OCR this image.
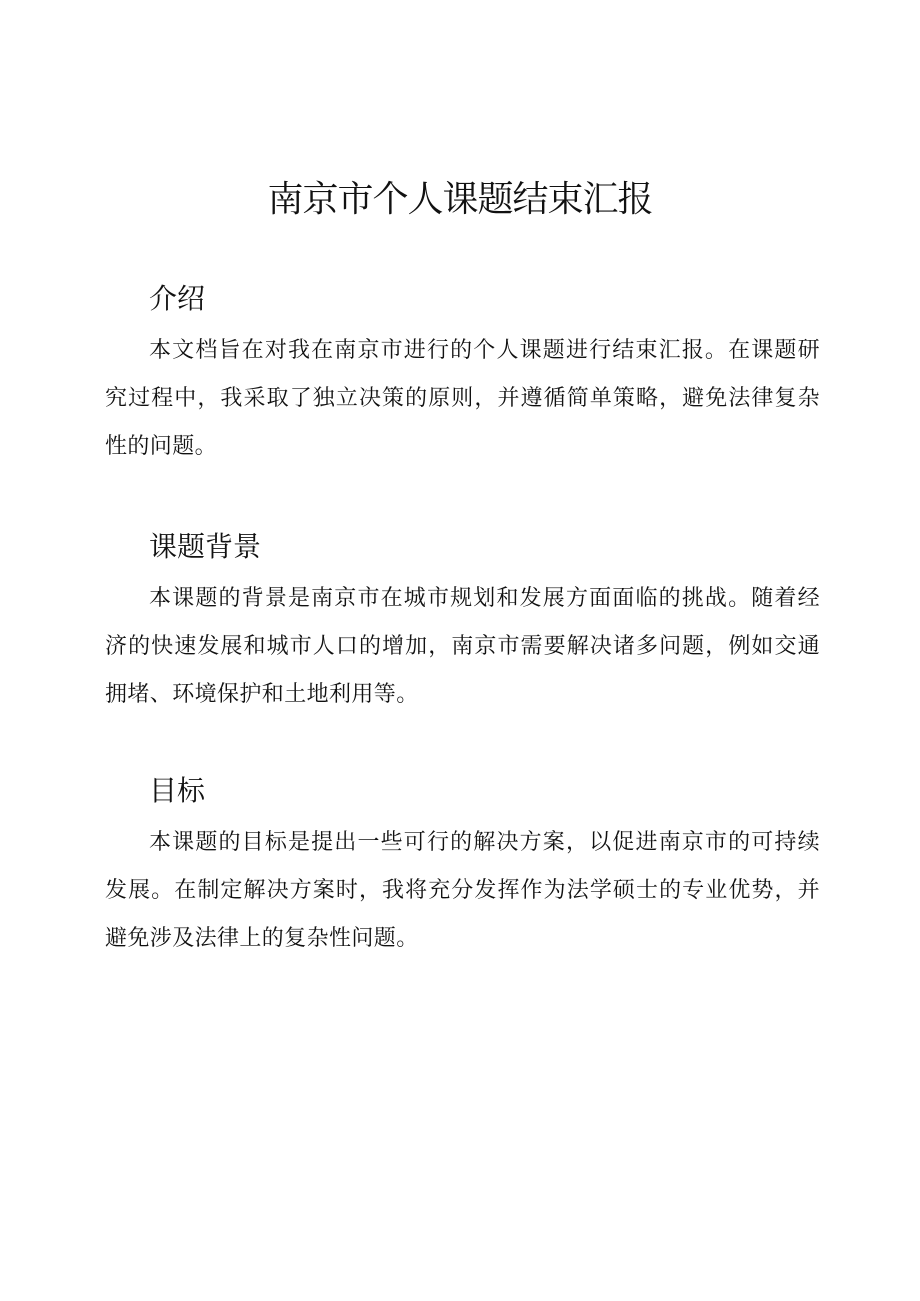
南京市个人课题结束汇报
介绍

本文档旨在对我在南京市进行的个人课题进行结束汇报。在课题研究过程中，我采取了独立决策的原则，并遵循简单策略，避免法律复杂性的问题。

课题背景

本课题的背景是南京市在城市规划和发展方面面临的挑战。随着经济的快速发展和城市人口的增加，南京市需要解决诸多问题，例如交通拥堵、环境保护和土地利用等。

目标

本课题的目标是提出一些可行的解决方案，以促进南京市的可持续发展。在制定解决方案时，我将充分发挥作为法学硕士的专业优势，并避免涉及法律上的复杂性问题。
